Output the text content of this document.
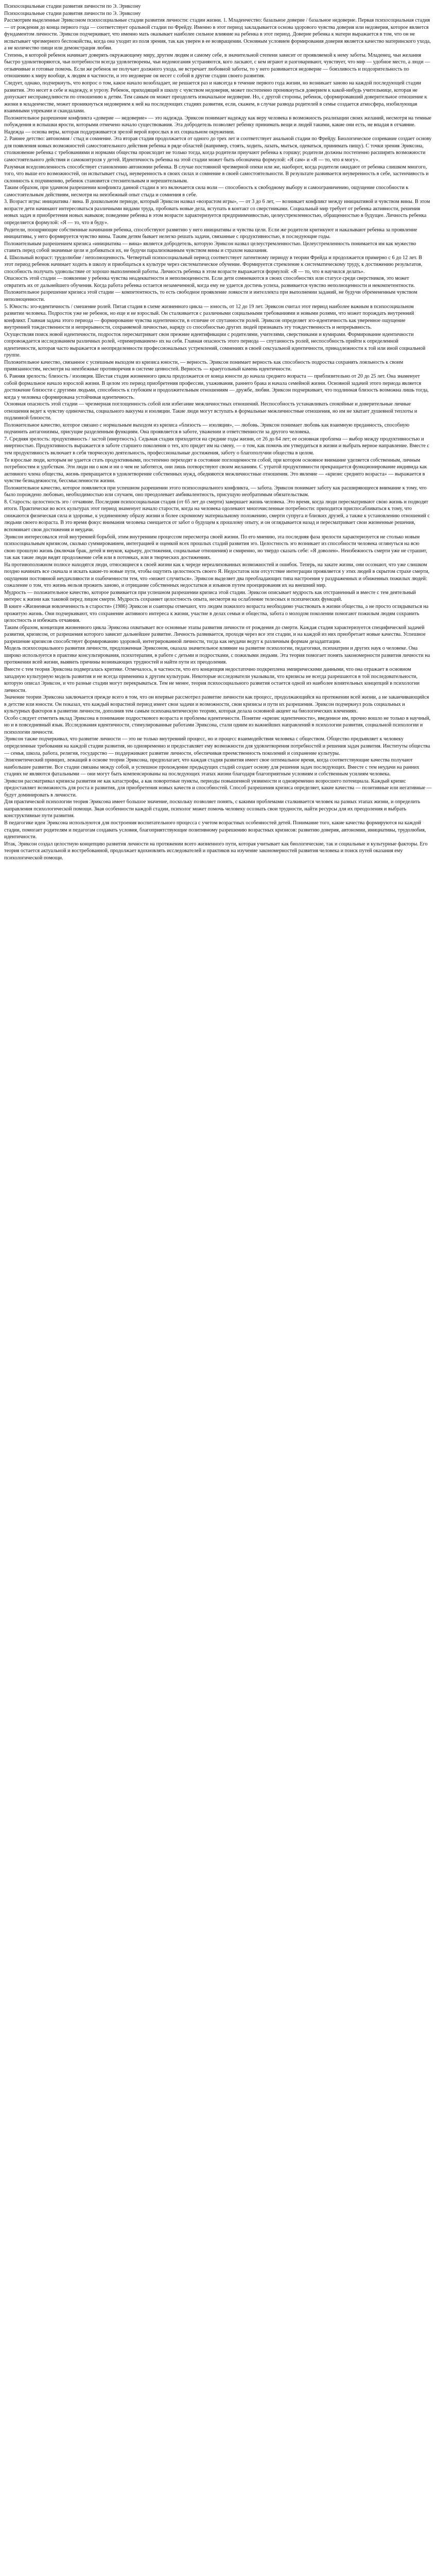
Психосоциальные стадии развития личности по Э. Эриксону
Психосоциальные стадии развития личности по Э. Эриксону

Рассмотрим выделенные Эриксоном психосоциальные стадии развития личности: стадии жизни. 1. Младенчество: базальное доверие / базальное недоверие. Первая психосоциальная стадия — от рождения до конца первого года — соответствует оральной стадии по Фрейду. Именно в этот период закладывается основа здорового чувства доверия или недоверия, которое является фундаментом личности. Эриксон подчеркивает, что именно мать оказывает наиболее сильное влияние на ребенка в этот период. Доверие ребенка к матери выражается в том, что он не испытывает чрезмерного беспокойства, когда она уходит из поля зрения, так как уверен в ее возвращении. Основным условием формирования доверия является качество материнского ухода, а не количество пищи или демонстрация любви.

Степень, в которой ребенок начинает доверять окружающему миру, другим людям и самому себе, в значительной степени зависит от проявляемой к нему заботы. Младенец, чьи желания быстро удовлетворяются, чьи потребности всегда удовлетворены, чьи недомогания устраняются, кого ласкают, с кем играют и разговаривают, чувствует, что мир — удобное место, а люди — отзывчивые и готовые помочь. Если же ребенок не получает должного ухода, не встречает любовной заботы, то у него развивается недоверие — боязливость и подозрительность по отношению к миру вообще, к людям в частности, и это недоверие он несет с собой в другие стадии своего развития.

Следует, однако, подчеркнуть, что вопрос о том, какое начало возобладает, не решается раз и навсегда в течение первого года жизни, но возникает заново на каждой последующей стадии развития. Это несет в себе и надежду, и угрозу. Ребенок, приходящий в школу с чувством недоверия, может постепенно проникнуться доверием к какой-нибудь учительнице, которая не допускает несправедливости по отношению к детям. Тем самым он может преодолеть изначальное недоверие. Но, с другой стороны, ребенок, сформировавший доверительное отношение к жизни в младенчестве, может проникнуться недоверием к ней на последующих стадиях развития, если, скажем, в случае развода родителей в семье создается атмосфера, изобилующая взаимными упреками и скандалами.

Положительное разрешение конфликта «доверие — недоверие» — это надежда. Эриксон понимает надежду как веру человека в возможность реализации своих желаний, несмотря на темные побуждения и вспышки ярости, которыми отмечено начало существования. Эта добродетель позволяет ребенку принимать вещи и людей такими, какие они есть, не впадая в отчаяние. Надежда — основа веры, которая поддерживается зрелой верой взрослых в их социальном окружении.

2. Раннее детство: автономия / стыд и сомнение. Эта вторая стадия продолжается от одного до трех лет и соответствует анальной стадии по Фрейду. Биологическое созревание создает основу для появления новых возможностей самостоятельного действия ребенка в ряде областей (например, стоять, ходить, лазать, мыться, одеваться, принимать пищу). С точки зрения Эриксона, столкновение ребенка с требованиями и нормами общества происходит не только тогда, когда родители приучают ребенка к горшку; родители должны постепенно расширять возможности самостоятельного действия и самоконтроля у детей. Идентичность ребенка на этой стадии может быть обозначена формулой: «Я сам» и «Я — то, что я могу».

Разумная вседозволенность способствует становлению автономии ребенка. В случае постоянной чрезмерной опеки или же, наоборот, когда родители ожидают от ребенка слишком многого, того, что выше его возможностей, он испытывает стыд, неуверенность в своих силах и сомнение в своей самостоятельности. В результате развивается неуверенность в себе, застенчивость и склонность к подчинению, ребенок становится стеснительным и нерешительным.

Таким образом, при удачном разрешении конфликта данной стадии в эго включается сила воли — способность к свободному выбору и самоограничению, ощущение способности к самостоятельным действиям, несмотря на неизбежный опыт стыда и сомнения в себе.

3. Возраст игры: инициатива / вина. В дошкольном периоде, который Эриксон назвал «возрастом игры», — от 3 до 6 лет, — возникает конфликт между инициативой и чувством вины. В этом возрасте дети начинают интересоваться различными видами труда, пробовать новые дела, вступать в контакт со сверстниками. Социальный мир требует от ребенка активности, решения новых задач и приобретения новых навыков; поведение ребенка в этом возрасте характеризуется предприимчивостью, целеустремленностью, обращенностью в будущее. Личность ребенка определяется формулой: «Я — то, что я буду».

Родители, поощряющие собственные начинания ребенка, способствуют развитию у него инициативы и чувства цели. Если же родители критикуют и наказывают ребенка за проявление инициативы, у него формируется чувство вины. Таким детям бывает нелегко решать задачи, связанные с продуктивностью, в последующие годы.

Положительным разрешением кризиса «инициатива — вина» является добродетель, которую Эриксон назвал целеустремленностью. Целеустремленность понимается им как мужество ставить перед собой значимые цели и добиваться их, не будучи парализованным чувством вины и страхом наказания.

4. Школьный возраст: трудолюбие / неполноценность. Четвертый психосоциальный период соответствует латентному периоду в теории Фрейда и продолжается примерно с 6 до 12 лет. В этот период ребенок начинает ходить в школу и приобщаться к культуре через систематическое обучение. Формируется стремление к систематическому труду, к достижению результатов, способность получать удовольствие от хорошо выполненной работы. Личность ребенка в этом возрасте выражается формулой: «Я — то, что я научился делать».

Опасность этой стадии — появление у ребенка чувства неадекватности и неполноценности. Если дети сомневаются в своих способностях или статусе среди сверстников, это может отвратить их от дальнейшего обучения. Когда работа ребенка остается незамеченной, когда ему не удается достичь успеха, развивается чувство неполноценности и некомпетентности. Положительное разрешение кризиса этой стадии — компетентность, то есть свободное проявление ловкости и интеллекта при выполнении заданий, не будучи обремененным чувством неполноценности.

5. Юность: эго-идентичность / смешение ролей. Пятая стадия в схеме жизненного цикла — юность, от 12 до 19 лет. Эриксон считал этот период наиболее важным в психосоциальном развитии человека. Подросток уже не ребенок, но еще и не взрослый. Он сталкивается с различными социальными требованиями и новыми ролями, что может порождать внутренний конфликт. Главная задача этого периода — формирование чувства идентичности, в отличие от спутанности ролей. Эриксон определяет эго-идентичность как уверенное ощущение внутренней тождественности и непрерывности, сохраняемой личностью, наряду со способностью других людей признавать эту тождественность и непрерывность.

Осуществляя поиск новой идентичности, подросток пересматривает свои прежние идентификации с родителями, учителями, сверстниками и кумирами. Формирование идентичности сопровождается исследованием различных ролей, «примериванием» их на себя. Главная опасность этого периода — спутанность ролей, неспособность прийти к определенной идентичности, которая часто выражается в неопределенности профессиональных устремлений, сомнениях в своей сексуальной идентичности, принадлежности к той или иной социальной группе.

Положительное качество, связанное с успешным выходом из кризиса юности, — верность. Эриксон понимает верность как способность подростка сохранять лояльность к своим привязанностям, несмотря на неизбежные противоречия в системе ценностей. Верность — краеугольный камень идентичности.

6. Ранняя зрелость: близость / изоляция. Шестая стадия жизненного цикла продолжается от конца юности до начала среднего возраста — приблизительно от 20 до 25 лет. Она знаменует собой формальное начало взрослой жизни. В целом это период приобретения профессии, ухаживания, раннего брака и начала семейной жизни. Основной задачей этого периода является достижение близости с другими людьми, способность к глубоким и продолжительным отношениям — дружбе, любви. Эриксон подчеркивает, что подлинная близость возможна лишь тогда, когда у человека сформирована устойчивая идентичность.

Основная опасность этой стадии — чрезмерная поглощенность собой или избегание межличностных отношений. Неспособность устанавливать спокойные и доверительные личные отношения ведет к чувству одиночества, социального вакуума и изоляции. Такие люди могут вступать в формальные межличностные отношения, но им не хватает душевной теплоты и подлинной близости.

Положительное качество, которое связано с нормальным выходом из кризиса «близость — изоляция», — любовь. Эриксон понимает любовь как взаимную преданность, способную подчинить антагонизмы, присущие разделенным функциям. Она проявляется в заботе, уважении и ответственности за другого человека.

7. Средняя зрелость: продуктивность / застой (инертность). Седьмая стадия приходится на средние годы жизни, от 26 до 64 лет; ее основная проблема — выбор между продуктивностью и инертностью. Продуктивность выражается в заботе старшего поколения о тех, кто придет им на смену, — о том, как помочь им утвердиться в жизни и выбрать верное направление. Вместе с тем продуктивность включает в себя творческую деятельность, профессиональные достижения, заботу о благополучии общества в целом.

Те взрослые люди, которым не удается стать продуктивными, постепенно переходят в состояние поглощенности собой, при котором основное внимание уделяется собственным, личным потребностям и удобствам. Эти люди ни о ком и ни о чем не заботятся, они лишь потворствуют своим желаниям. С утратой продуктивности прекращается функционирование индивида как активного члена общества, жизнь превращается в удовлетворение собственных нужд, обедняются межличностные отношения. Это явление — «кризис среднего возраста» — выражается в чувстве безнадежности, бессмысленности жизни.

Положительное качество, которое появляется при успешном разрешении этого психосоциального конфликта, — забота. Эриксон понимает заботу как расширяющееся внимание к тому, что было порождено любовью, необходимостью или случаем, оно преодолевает амбивалентность, присущую необратимым обязательствам.

8. Старость: целостность эго / отчаяние. Последняя психосоциальная стадия (от 65 лет до смерти) завершает жизнь человека. Это время, когда люди пересматривают свою жизнь и подводят итоги. Практически во всех культурах этот период знаменует начало старости, когда на человека одолевают многочисленные потребности: приходится приспосабливаться к тому, что снижаются физическая сила и здоровье, к уединенному образу жизни и более скромному материальному положению, смерти супруга и близких друзей, а также к установлению отношений с людьми своего возраста. В это время фокус внимания человека смещается от забот о будущем к прошлому опыту, и он оглядывается назад и пересматривает свои жизненные решения, вспоминает свои достижения и неудачи.

Эриксон интересовался этой внутренней борьбой, этим внутренним процессом пересмотра своей жизни. По его мнению, эта последняя фаза зрелости характеризуется не столько новым психосоциальным кризисом, сколько суммированием, интеграцией и оценкой всех прошлых стадий развития эго. Целостность эго возникает из способности человека оглянуться на всю свою прошлую жизнь (включая брак, детей и внуков, карьеру, достижения, социальные отношения) и смиренно, но твердо сказать себе: «Я доволен». Неизбежность смерти уже не страшит, так как такие люди видят продолжение себя или в потомках, или в творческих достижениях.

На противоположном полюсе находятся люди, относящиеся к своей жизни как к череде нереализованных возможностей и ошибок. Теперь, на закате жизни, они осознают, что уже слишком поздно начинать все сначала и искать какие-то новые пути, чтобы ощутить целостность своего Я. Недостаток или отсутствие интеграции проявляется у этих людей в скрытом страхе смерти, ощущении постоянной неудачливости и озабоченности тем, что «может случиться». Эриксон выделяет два преобладающих типа настроения у раздраженных и обиженных пожилых людей: сожаление о том, что жизнь нельзя прожить заново, и отрицание собственных недостатков и изъянов путем проецирования их на внешний мир.

Мудрость — положительное качество, которое развивается при успешном разрешении кризиса этой стадии. Эриксон описывает мудрость как отстраненный и вместе с тем деятельный интерес к жизни как таковой перед лицом смерти. Мудрость сохраняет целостность опыта, несмотря на ослабление телесных и психических функций.

В книге «Жизненная вовлеченность в старости» (1986) Эриксон и соавторы отмечают, что людям пожилого возраста необходимо участвовать в жизни общества, а не просто оглядываться на прожитую жизнь. Они подчеркивают, что сохранение активного интереса к жизни, участие в делах семьи и общества, забота о молодом поколении помогают пожилым людям сохранить целостность и избежать отчаяния.

Таким образом, концепция жизненного цикла Эриксона охватывает все основные этапы развития личности от рождения до смерти. Каждая стадия характеризуется специфической задачей развития, кризисом, от разрешения которого зависит дальнейшее развитие. Личность развивается, проходя через все эти стадии, и на каждой из них приобретает новые качества. Успешное разрешение кризисов способствует формированию здоровой, интегрированной личности, тогда как неудачи ведут к различным формам дезадаптации.

Модель психосоциального развития личности, предложенная Эриксоном, оказала значительное влияние на развитие психологии, педагогики, психиатрии и других наук о человеке. Она широко используется в практике консультирования, психотерапии, в работе с детьми и подростками, с пожилыми людьми. Эта теория помогает понять закономерности развития личности на протяжении всей жизни, выявить причины возникающих трудностей и найти пути их преодоления.

Вместе с тем теория Эриксона подвергалась критике. Отмечалось, в частности, что его концепция недостаточно подкреплена эмпирическими данными, что она отражает в основном западную культурную модель развития и не всегда применима к другим культурам. Некоторые исследователи указывали, что кризисы не всегда разрешаются в той последовательности, которую описал Эриксон, и что разные стадии могут перекрываться. Тем не менее, теория психосоциального развития остается одной из наиболее влиятельных концепций в психологии личности.

Значение теории Эриксона заключается прежде всего в том, что он впервые рассмотрел развитие личности как процесс, продолжающийся на протяжении всей жизни, а не заканчивающийся в детстве или юности. Он показал, что каждый возрастной период имеет свои задачи и возможности, свои кризисы и пути их разрешения. Эриксон подчеркнул роль социальных и культурных факторов в развитии личности, дополнив тем самым психоаналитическую теорию, которая делала основной акцент на биологических влечениях.

Особо следует отметить вклад Эриксона в понимание подросткового возраста и проблемы идентичности. Понятие «кризис идентичности», введенное им, прочно вошло не только в научный, но и в повседневный язык. Исследования идентичности, стимулированные работами Эриксона, стали одним из важнейших направлений в психологии развития, социальной психологии и психологии личности.

Эриксон также подчеркивал, что развитие личности — это не только внутренний процесс, но и процесс взаимодействия человека с обществом. Общество предъявляет к человеку определенные требования на каждой стадии развития, но одновременно и предоставляет ему возможности для удовлетворения потребностей и решения задач развития. Институты общества — семья, школа, работа, религия, государство — поддерживают развитие личности, обеспечивая преемственность поколений и сохранение культуры.

Эпигенетический принцип, лежащий в основе теории Эриксона, предполагает, что каждая стадия развития имеет свое оптимальное время, когда соответствующие качества получают наибольшее развитие. Все стадии связаны между собой, и успешное прохождение предыдущих стадий создает основу для решения задач последующих. Вместе с тем неудачи на ранних стадиях не являются фатальными — они могут быть компенсированы на последующих этапах жизни благодаря благоприятным условиям и собственным усилиям человека.

Эриксон рассматривал кризисы развития не как катастрофы, а как поворотные пункты, периоды повышенной уязвимости и одновременно возросшего потенциала. Каждый кризис предоставляет возможность для роста и развития, для приобретения новых качеств и способностей. Способ разрешения кризиса определяет, какие качества — позитивные или негативные — будут доминировать в личности.

Для практической психологии теория Эриксона имеет большое значение, поскольку позволяет понять, с какими проблемами сталкивается человек на разных этапах жизни, и определить направления психологической помощи. Зная особенности каждой стадии, психолог может помочь человеку осознать свои трудности, найти ресурсы для их преодоления и выбрать конструктивные пути развития.

В педагогике идеи Эриксона используются для построения воспитательного процесса с учетом возрастных особенностей детей. Понимание того, какие качества формируются на каждой стадии, помогает родителям и педагогам создавать условия, благоприятствующие позитивному разрешению возрастных кризисов: развитию доверия, автономии, инициативы, трудолюбия, идентичности.

Итак, Эриксон создал целостную концепцию развития личности на протяжении всего жизненного пути, которая учитывает как биологические, так и социальные и культурные факторы. Его теория остается актуальной и востребованной, продолжает вдохновлять исследователей и практиков на изучение закономерностей развития человека и поиск путей оказания ему психологической помощи.
